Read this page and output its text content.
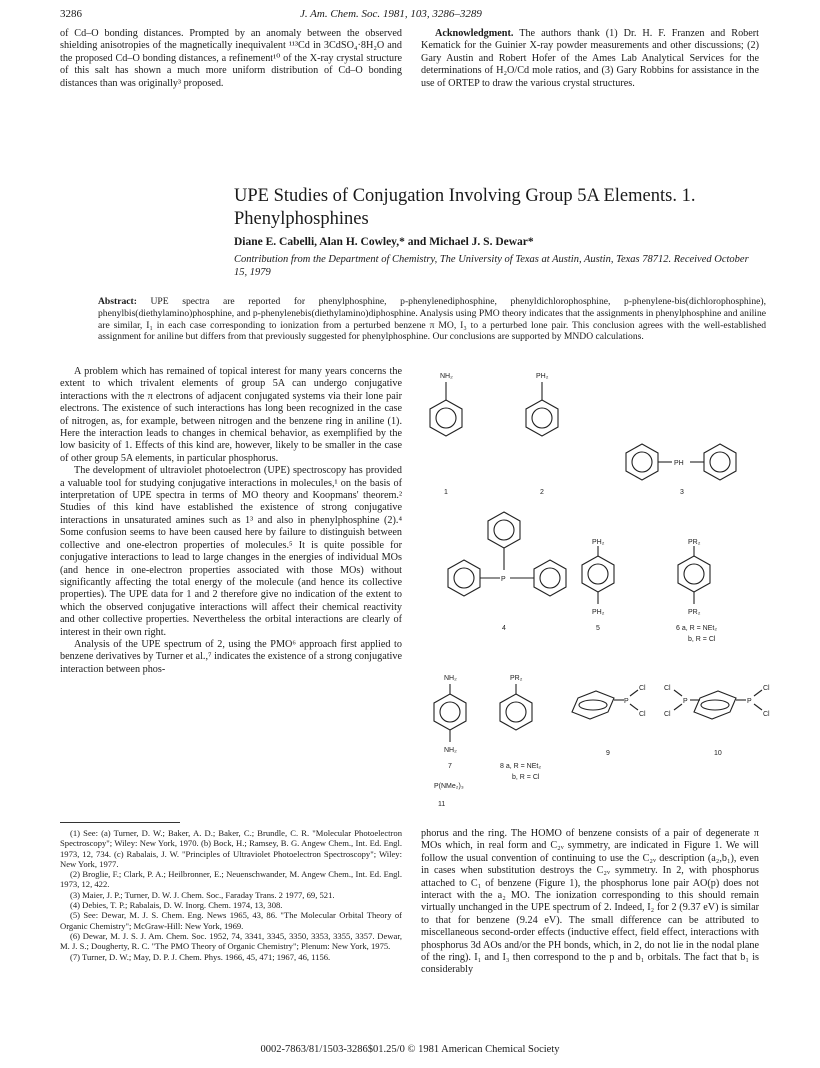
3286	J. Am. Chem. Soc. 1981, 103, 3286–3289

of Cd–O bonding distances. Prompted by an anomaly between the observed shielding anisotropies of the magnetically inequivalent ¹¹³Cd in 3CdSO₄·8H₂O and the proposed Cd–O bonding distances, a refinement¹⁰ of the X-ray crystal structure of this salt has shown a much more uniform distribution of Cd–O bonding distances than was originally³ proposed.

Acknowledgment. The authors thank (1) Dr. H. F. Franzen and Robert Kematick for the Guinier X-ray powder measurements and other discussions; (2) Gary Austin and Robert Hofer of the Ames Lab Analytical Services for the determinations of H₂O/Cd mole ratios, and (3) Gary Robbins for assistance in the use of ORTEP to draw the various crystal structures.

UPE Studies of Conjugation Involving Group 5A Elements. 1. Phenylphosphines
Diane E. Cabelli, Alan H. Cowley,* and Michael J. S. Dewar*
Contribution from the Department of Chemistry, The University of Texas at Austin, Austin, Texas 78712. Received October 15, 1979
Abstract: UPE spectra are reported for phenylphosphine, p-phenylenediphosphine, phenyldichlorophosphine, p-phenylene-bis(dichlorophosphine), phenylbis(diethylamino)phosphine, and p-phenylenebis(diethylamino)diphosphine. Analysis using PMO theory indicates that the assignments in phenylphosphine and aniline are similar, I₁ in each case corresponding to ionization from a perturbed benzene π MO, I₃ to a perturbed lone pair. This conclusion agrees with the well-established assignment for aniline but differs from that previously suggested for phenylphosphine. Our conclusions are supported by MNDO calculations.

A problem which has remained of topical interest for many years concerns the extent to which trivalent elements of group 5A can undergo conjugative interactions with the π electrons of adjacent conjugated systems via their lone pair electrons. The existence of such interactions has long been recognized in the case of nitrogen, as, for example, between nitrogen and the benzene ring in aniline (1). Here the interaction leads to changes in chemical behavior, as exemplified by the low basicity of 1. Effects of this kind are, however, likely to be smaller in the case of other group 5A elements, in particular phosphorus.

The development of ultraviolet photoelectron (UPE) spectroscopy has provided a valuable tool for studying conjugative interactions in molecules,¹ on the basis of interpretation of UPE spectra in terms of MO theory and Koopmans' theorem.² Studies of this kind have established the existence of strong conjugative interactions in unsaturated amines such as 1³ and also in phenylphosphine (2).⁴ Some confusion seems to have been caused here by failure to distinguish between collective and one-electron properties of molecules.⁵ It is quite possible for conjugative interactions to lead to large changes in the energies of individual MOs (and hence in one-electron properties associated with those MOs) without significantly affecting the total energy of the molecule (and hence its collective properties). The UPE data for 1 and 2 therefore give no indication of the extent to which the observed conjugative interactions will affect their chemical reactivity and other collective properties. Nevertheless the orbital interactions are clearly of interest in their own right.

Analysis of the UPE spectrum of 2, using the PMO⁶ approach first applied to benzene derivatives by Turner et al.,⁷ indicates the existence of a strong conjugative interaction between phos-

(1) See: (a) Turner, D. W.; Baker, A. D.; Baker, C.; Brundle, C. R. "Molecular Photoelectron Spectroscopy"; Wiley: New York, 1970. (b) Bock, H.; Ramsey, B. G. Angew Chem., Int. Ed. Engl. 1973, 12, 734. (c) Rabalais, J. W. "Principles of Ultraviolet Photoelectron Spectroscopy"; Wiley: New York, 1977.

(2) Broglie, F.; Clark, P. A.; Heilbronner, E.; Neuenschwander, M. Angew Chem., Int. Ed. Engl. 1973, 12, 422.

(3) Maier, J. P.; Turner, D. W. J. Chem. Soc., Faraday Trans. 2 1977, 69, 521.

(4) Debies, T. P.; Rabalais, D. W. Inorg. Chem. 1974, 13, 308.

(5) See: Dewar, M. J. S. Chem. Eng. News 1965, 43, 86. "The Molecular Orbital Theory of Organic Chemistry"; McGraw-Hill: New York, 1969.

(6) Dewar, M. J. S. J. Am. Chem. Soc. 1952, 74, 3341, 3345, 3350, 3353, 3355, 3357. Dewar, M. J. S.; Dougherty, R. C. "The PMO Theory of Organic Chemistry"; Plenum: New York, 1975.

(7) Turner, D. W.; May, D. P. J. Chem. Phys. 1966, 45, 471; 1967, 46, 1156.

phorus and the ring. The HOMO of benzene consists of a pair of degenerate π MOs which, in real form and C₂ᵥ symmetry, are indicated in Figure 1. We will follow the usual convention of continuing to use the C₂ᵥ description (a₂,b₁), even in cases when substitution destroys the C₂ᵥ symmetry. In 2, with phosphorus attached to C₁ of benzene (Figure 1), the phosphorus lone pair AO(p) does not interact with the a₂ MO. The ionization corresponding to this should remain virtually unchanged in the UPE spectrum of 2. Indeed, I₂ for 2 (9.37 eV) is similar to that for benzene (9.24 eV). The small difference can be attributed to miscellaneous second-order effects (inductive effect, field effect, interactions with phosphorus 3d AOs and/or the PH bonds, which, in 2, do not lie in the nodal plane of the ring). I₁ and I₃ then correspond to the p and b₁ orbitals. The fact that b₁ is considerably

NH₂
1
PH₂
2
PH
3
P
4
PH₂
PH₂
5
PR₂
PR₂
6 a, R = NEt₂
b, R = Cl
NH₂
NH₂
7
PR₂
8 a, R = NEt₂
b, R = Cl
P
Cl
Cl
9
Cl
Cl
P	P
Cl
Cl
10
P(NMe₂)₃
11
0002-7863/81/1503-3286$01.25/0 © 1981 American Chemical Society
